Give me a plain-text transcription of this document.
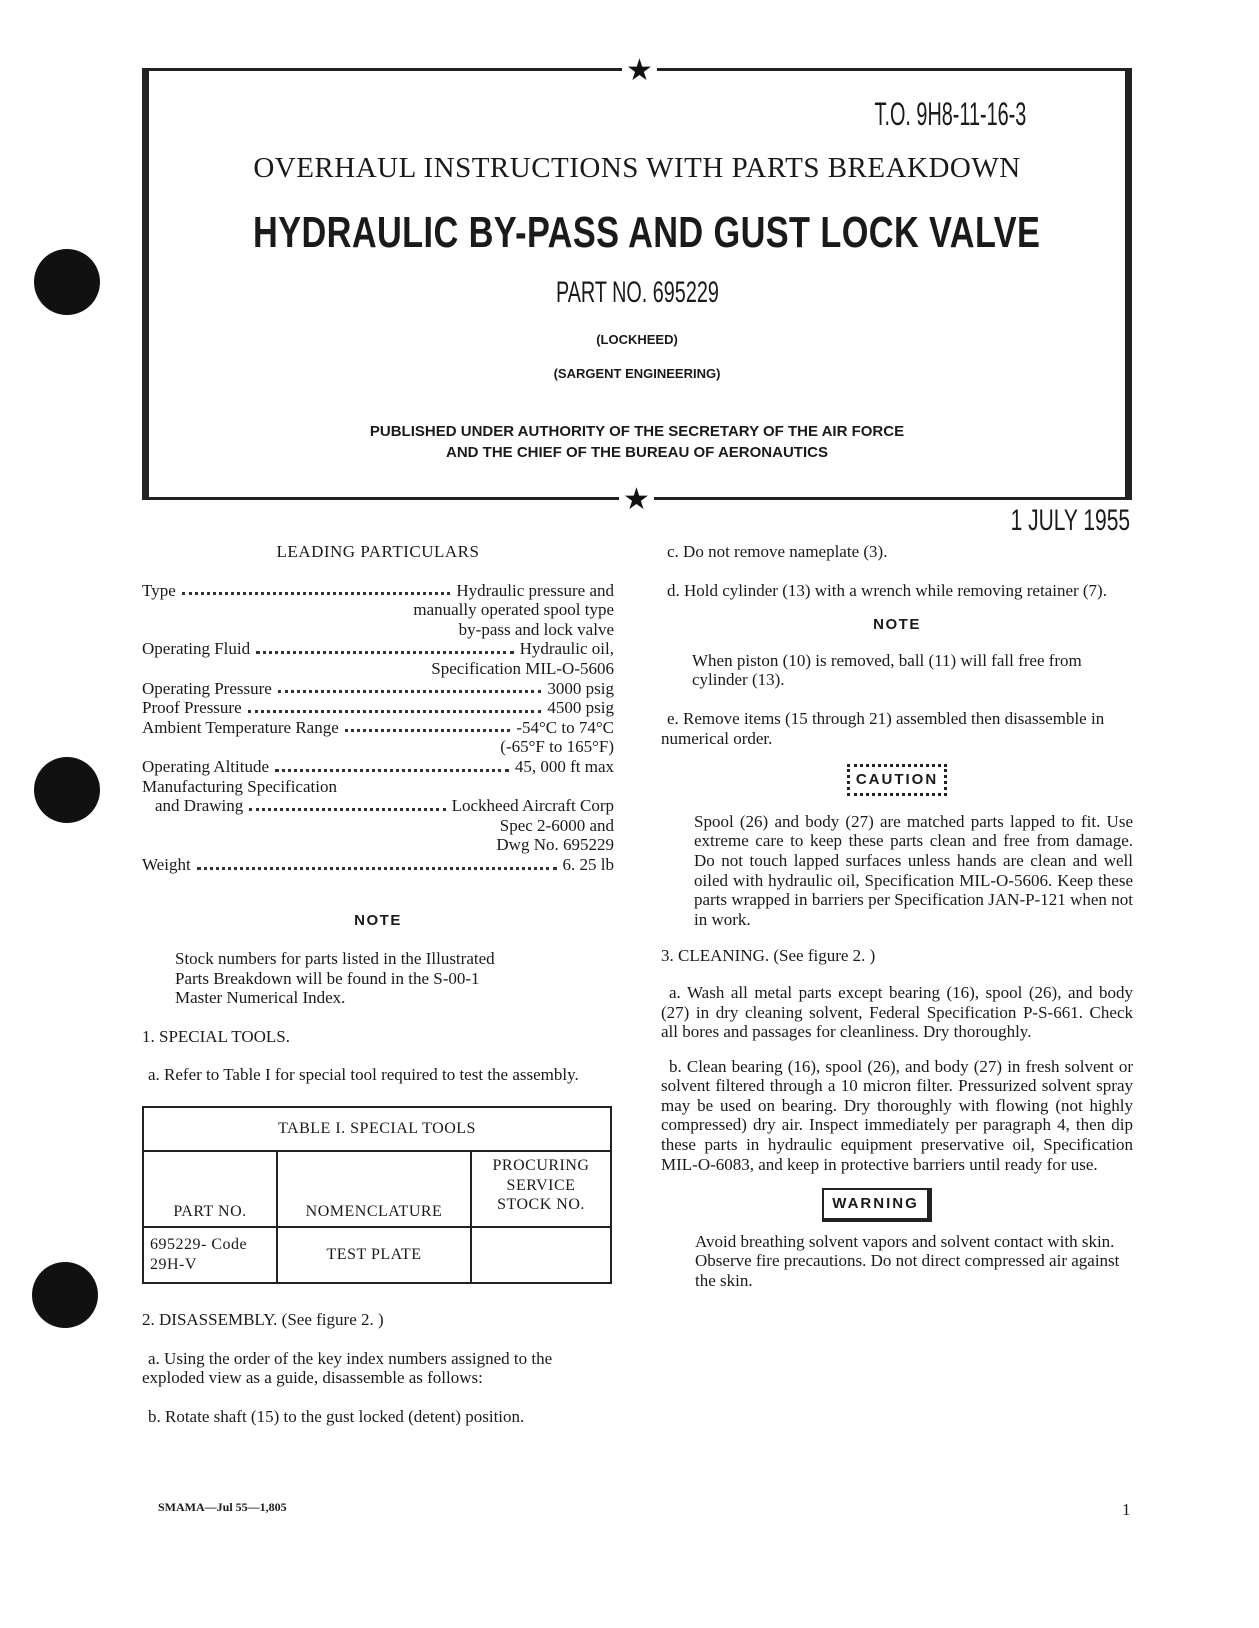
★
★
T.O. 9H8-11-16-3
OVERHAUL INSTRUCTIONS WITH PARTS BREAKDOWN
HYDRAULIC BY-PASS AND GUST LOCK VALVE
PART NO. 695229
(LOCKHEED)
(SARGENT ENGINEERING)
PUBLISHED UNDER AUTHORITY OF THE SECRETARY OF THE AIR FORCE
AND THE CHIEF OF THE BUREAU OF AERONAUTICS
1 JULY 1955
LEADING PARTICULARS
Type	Hydraulic pressure and
manually operated spool type
by-pass and lock valve
Operating Fluid	Hydraulic oil,
Specification MIL-O-5606
Operating Pressure	3000 psig
Proof Pressure	4500 psig
Ambient Temperature Range	-54°C to 74°C
(-65°F to 165°F)
Operating Altitude	45, 000 ft max
Manufacturing Specification
and Drawing	Lockheed Aircraft Corp
Spec 2-6000 and
Dwg No. 695229
Weight	6. 25 lb
NOTE
Stock numbers for parts listed in the Illustrated
Parts Breakdown will be found in the S-00-1
Master Numerical Index.

1. SPECIAL TOOLS.

a. Refer to Table I for special tool required to test the assembly.

TABLE I. SPECIAL TOOLS		
PART NO.	NOMENCLATURE	PROCURING SERVICE STOCK NO.
695229- Code 29H-V	TEST PLATE	

2. DISASSEMBLY. (See figure 2. )

a. Using the order of the key index numbers assigned to the exploded view as a guide, disassemble as follows:

b. Rotate shaft (15) to the gust locked (detent) position.

c. Do not remove nameplate (3).

d. Hold cylinder (13) with a wrench while removing retainer (7).

NOTE

When piston (10) is removed, ball (11) will fall free from cylinder (13).

e. Remove items (15 through 21) assembled then disassemble in numerical order.

CAUTION

Spool (26) and body (27) are matched parts lapped to fit. Use extreme care to keep these parts clean and free from damage. Do not touch lapped surfaces unless hands are clean and well oiled with hydraulic oil, Specification MIL-O-5606. Keep these parts wrapped in barriers per Specification JAN-P-121 when not in work.

3. CLEANING. (See figure 2. )

a. Wash all metal parts except bearing (16), spool (26), and body (27) in dry cleaning solvent, Federal Specification P-S-661. Check all bores and passages for cleanliness. Dry thoroughly.

b. Clean bearing (16), spool (26), and body (27) in fresh solvent or solvent filtered through a 10 micron filter. Pressurized solvent spray may be used on bearing. Dry thoroughly with flowing (not highly compressed) dry air. Inspect immediately per paragraph 4, then dip these parts in hydraulic equipment preservative oil, Specification MIL-O-6083, and keep in protective barriers until ready for use.

WARNING

Avoid breathing solvent vapors and solvent contact with skin. Observe fire precautions. Do not direct compressed air against the skin.

SMAMA—Jul 55—1,805	1
